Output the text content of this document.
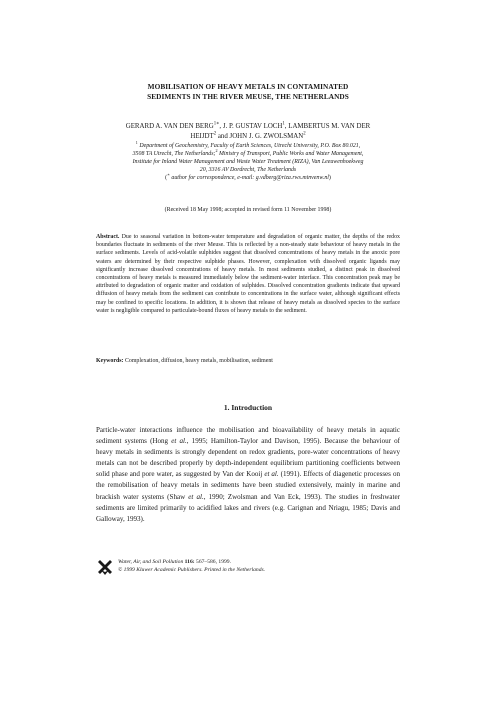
MOBILISATION OF HEAVY METALS IN CONTAMINATED
SEDIMENTS IN THE RIVER MEUSE, THE NETHERLANDS
GERARD A. VAN DEN $BERG^{1∗}$, J. P. GUSTAV LOCH$^1$, LAMBERTUS M. VAN DER
HEIJDT$^2$ and JOHN J. G. ZWOLSMAN$^2$
$^1$ Department of Geochemistry, Faculty of Earth Sciences, Utrecht University, P.O. Box 80.021,
3508 TA Utrecht, The Netherlands;$^2$ Ministry of Transport, Public Works and Water Management,
Institute for Inland Water Management and Waste Water Treatment (RIZA), Van Leeuwenhoekweg
20, 3316 AV Dordrecht, The Netherlands
(∗ author for correspondence, e-mail: g.vdberg@riza.rws.minvenw.nl)
(Received 18 May 1998; accepted in revised form 11 November 1998)
Abstract. Due to seasonal variation in bottom-water temperature and degradation of organic matter, the depths of the redox boundaries fluctuate in sediments of the river Meuse. This is reflected by a non-steady state behaviour of heavy metals in the surface sediments. Levels of acid-volatile sulphides suggest that dissolved concentrations of heavy metals in the anoxic pore waters are determined by their respective sulphide phases. However, complexation with dissolved organic ligands may significantly increase dissolved concentrations of heavy metals. In most sediments studied, a distinct peak in dissolved concentrations of heavy metals is measured immediately below the sediment-water interface. This concentration peak may be attributed to degradation of organic matter and oxidation of sulphides. Dissolved concentration gradients indicate that upward diffusion of heavy metals from the sediment can contribute to concentrations in the surface water, although significant effects may be confined to specific locations. In addition, it is shown that release of heavy metals as dissolved species to the surface water is negligible compared to particulate-bound fluxes of heavy metals to the sediment.
Keywords: Complexation, diffusion, heavy metals, mobilisation, sediment
1. Introduction
Particle-water interactions influence the mobilisation and bioavailability of heavy metals in aquatic sediment systems (Hong et al., 1995; Hamilton-Taylor and Davison, 1995). Because the behaviour of heavy metals in sediments is strongly dependent on redox gradients, pore-water concentrations of heavy metals can not be described properly by depth-independent equilibrium partitioning coefficients between solid phase and pore water, as suggested by Van der Kooij et al. (1991). Effects of diagenetic processes on the remobilisation of heavy metals in sediments have been studied extensively, mainly in marine and brackish water systems (Shaw et al., 1990; Zwolsman and Van Eck, 1993). The studies in freshwater sediments are limited primarily to acidified lakes and rivers (e.g. Carignan and Nriagu, 1985; Davis and Galloway, 1993).
Water, Air, and Soil Pollution 116: 567–586, 1999.
© 1999 Kluwer Academic Publishers. Printed in the Netherlands.
